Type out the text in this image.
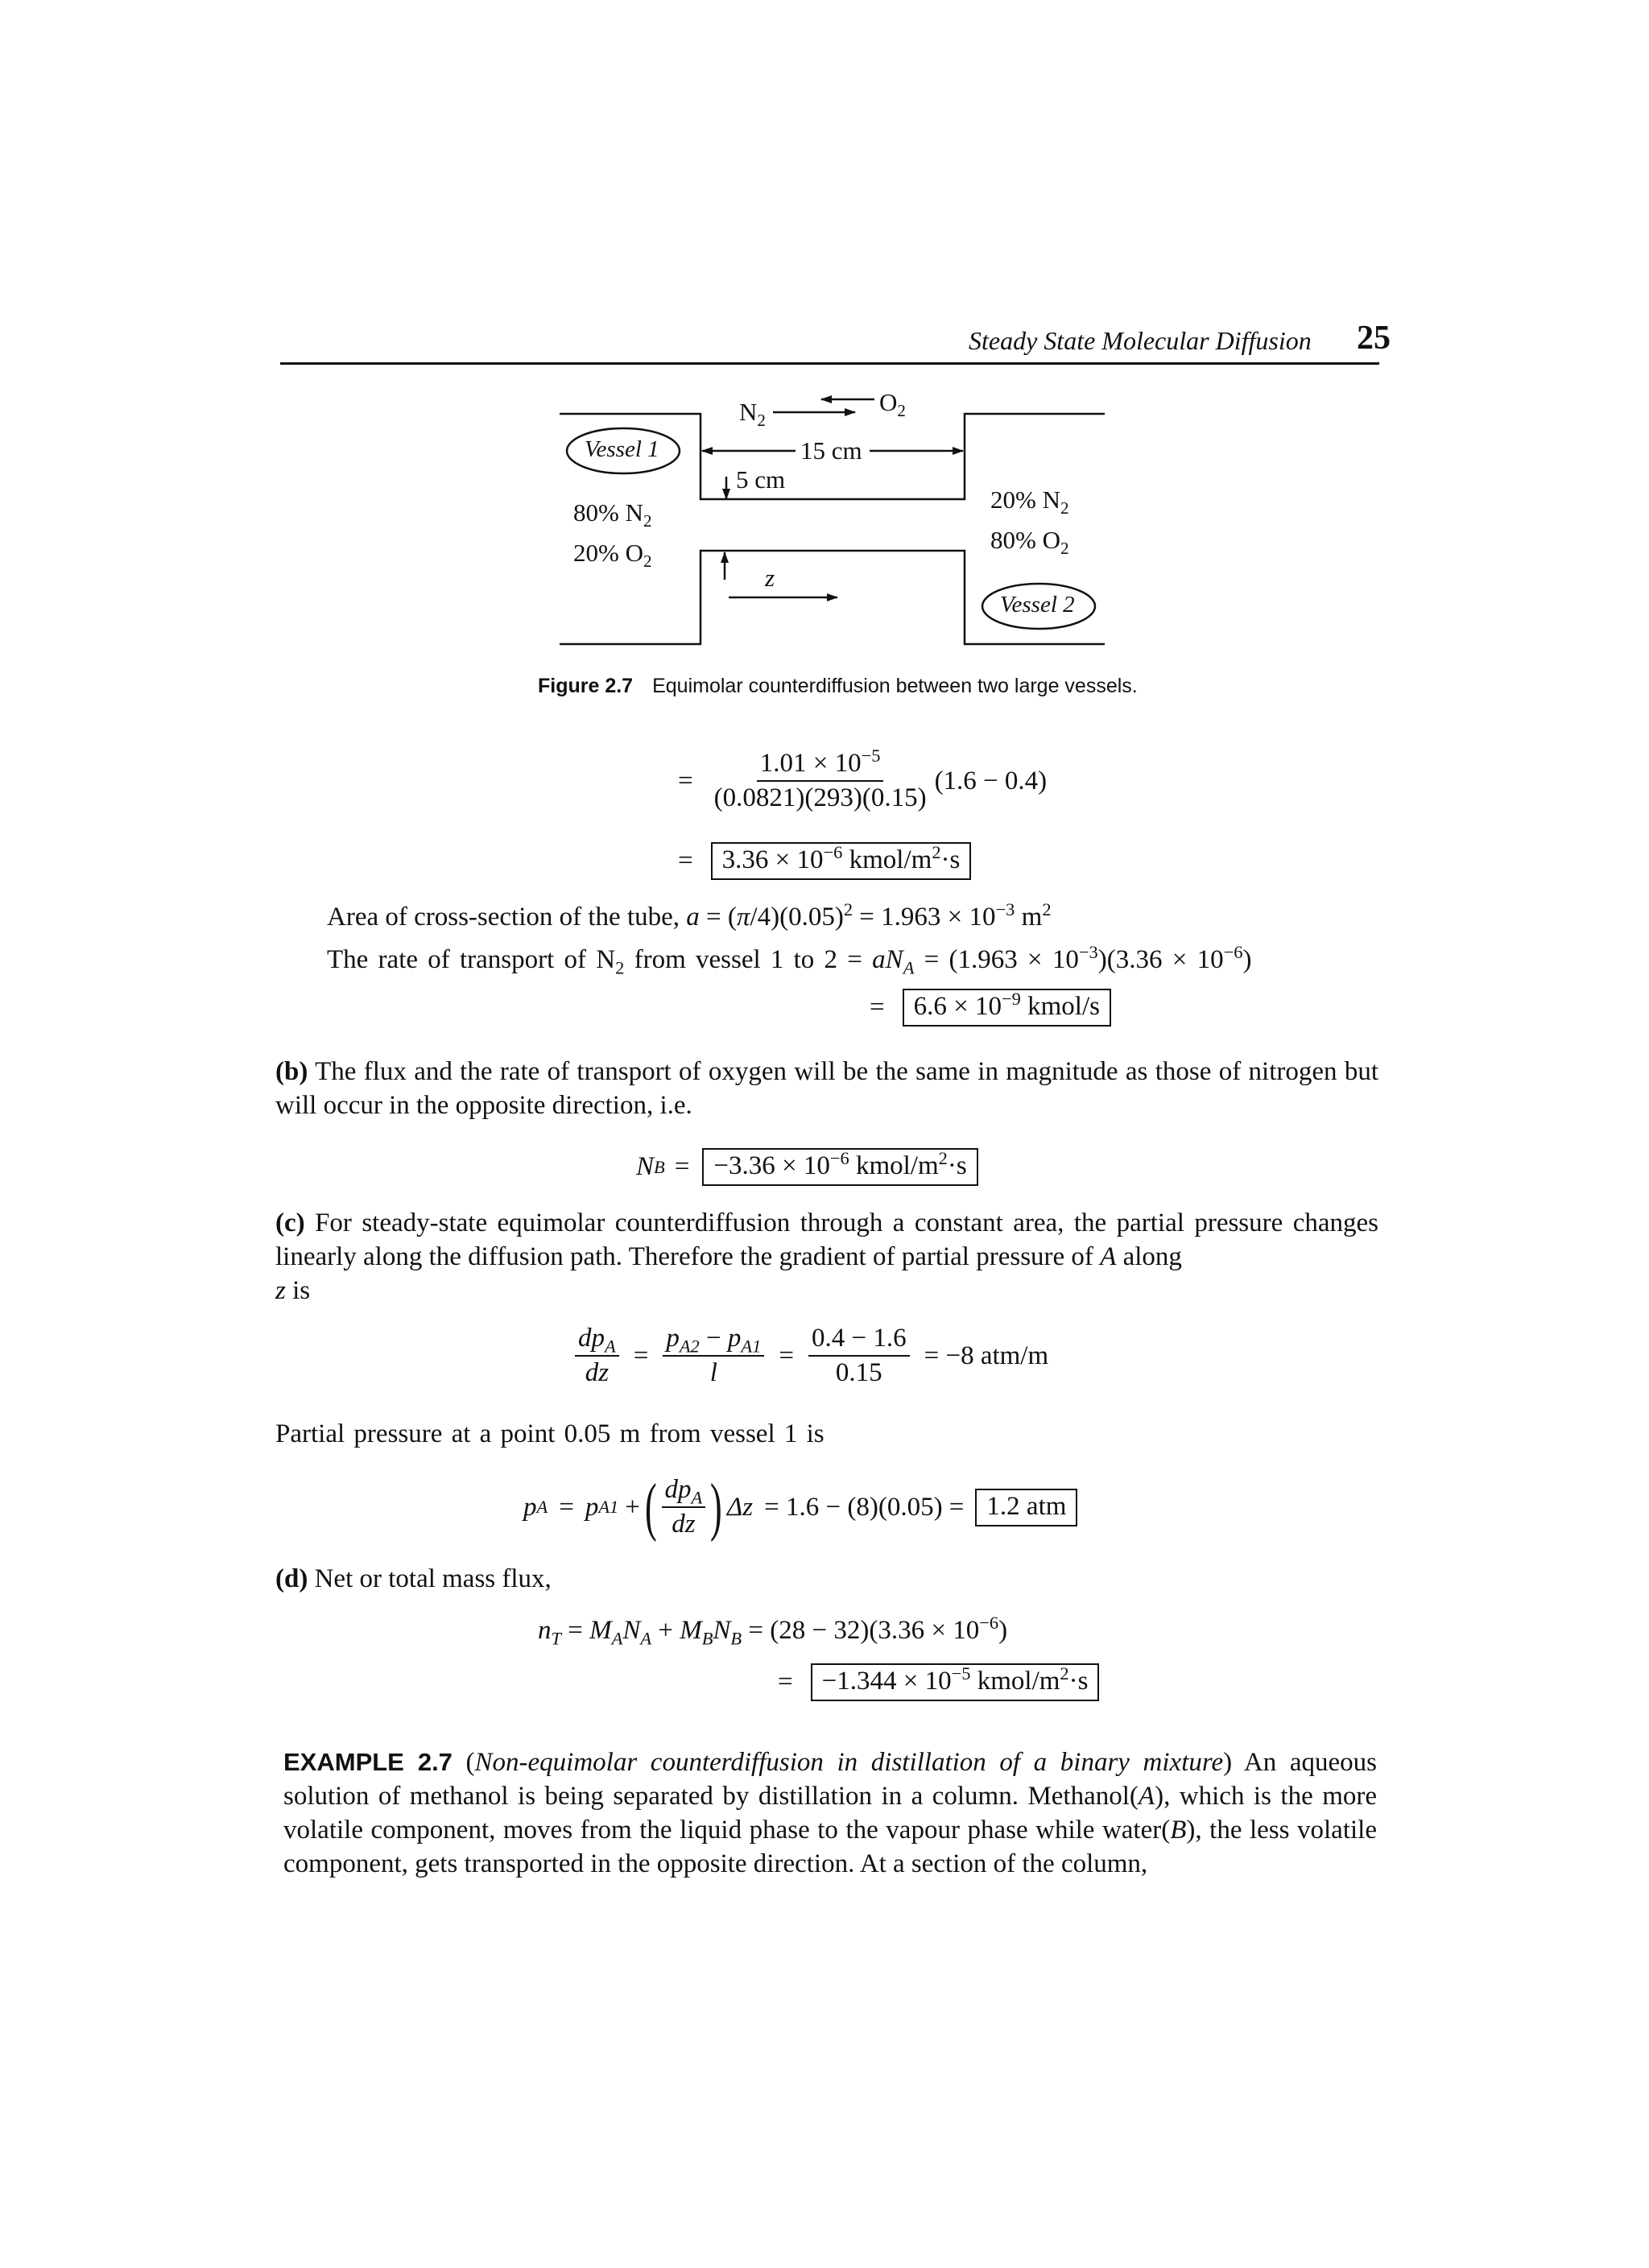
Steady State Molecular Diffusion 25
Vessel 1
Vessel 2
$N_2$
$O_2$
15 cm
5 cm
z
80% $N_2$
20% $O_2$
20% $N_2$
80% $O_2$
Figure 2.7 Equimolar counterdiffusion between two large vessels.
= $\frac{1.01 \times 10^{-5}}{(0.0821)(293)(0.15)} (1.6 - 0.4)$
=	$3.36 \times 10^{-6}$ kmol/$m^2\cdot s$
Area of cross-section of the tube, $a = (\pi/4)(0.05)^2 = 1.963 \times 10^{-3}$ $m^2$
The rate of transport of $N_2$ from vessel 1 to $2 = aN_A = (1.963 \times 10^{-3})(3.36 \times 10^{-6})$
=	$6.6 \times 10^{-9}$ kmol/s
(b) The flux and the rate of transport of oxygen will be the same in magnitude as those of nitrogen but will occur in the opposite direction, i.e.
N $B = -3.36 \times 10^{-6}$ kmol/$m^2\cdot s$
(c) For steady-state equimolar counterdiffusion through a constant area, the partial pressure changes linearly along the diffusion path. Therefore the gradient of partial pressure of A along
z is
$\frac{dp_A}{dz} = \frac{p_{A2} - p_{A1}}{l} = \frac{0.4 - 1.6}{0.15} = -8$ atm/m
Partial pressure at a point 0.05 m from vessel 1 is
p A = p A1 + ( $\frac{dp_A}{dz}$ ) Δz = 1.6 − (8)(0.05) = 1.2 atm
(d) Net or total mass flux,
$n_T = M_AN_A + M_BN_B = (28 - 32)(3.36 \times 10^{-6})$
=	$-1.344 \times 10^{-5}$ kmol/$m^2\cdot s$
EXAMPLE 2.7 (Non-equimolar counterdiffusion in distillation of a binary mixture) An aqueous solution of methanol is being separated by distillation in a column. Methanol(A), which is the more volatile component, moves from the liquid phase to the vapour phase while water(B), the less volatile component, gets transported in the opposite direction. At a section of the column,
